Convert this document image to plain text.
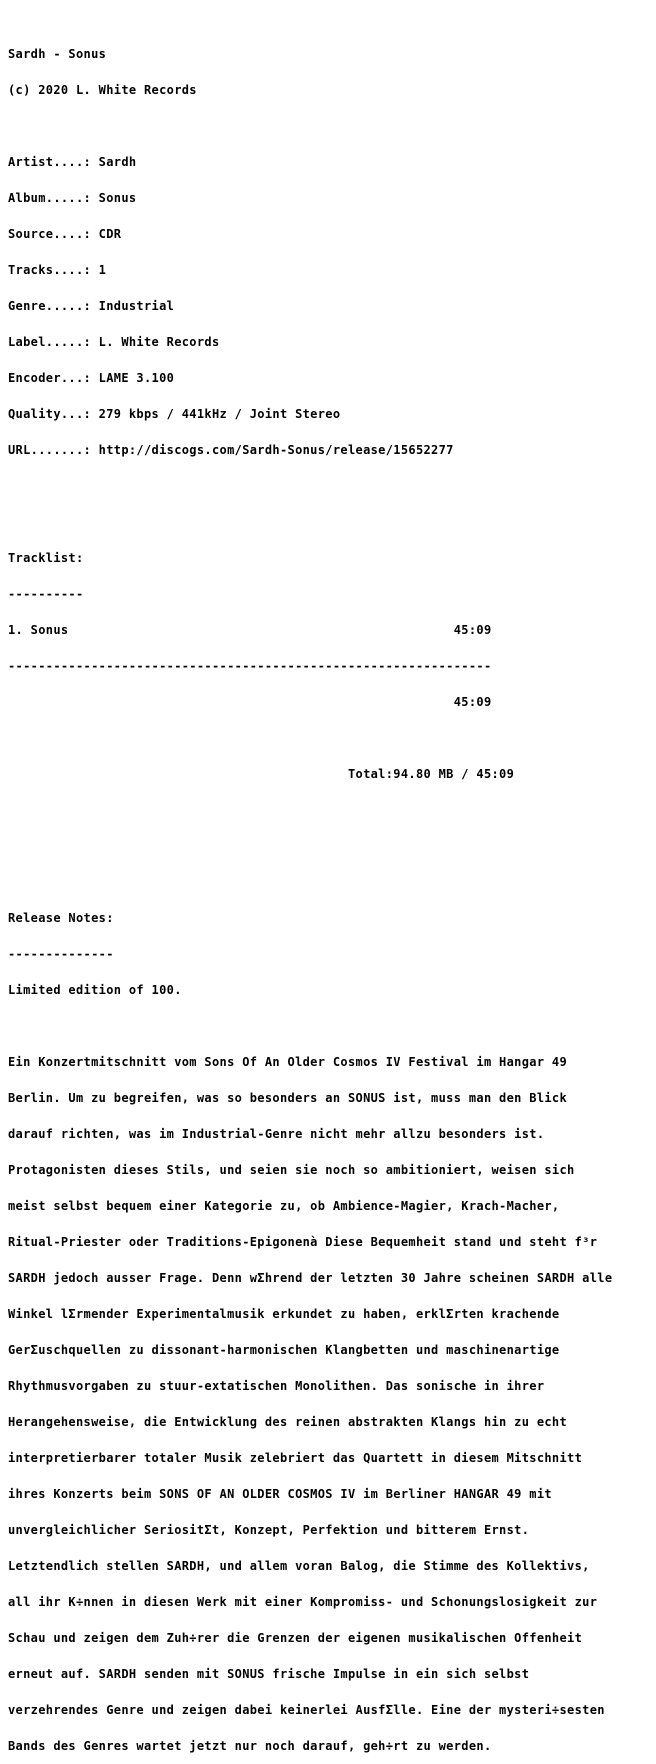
Sardh - Sonus

(c) 2020 L. White Records

Artist....: Sardh

Album.....: Sonus

Source....: CDR

Tracks....: 1

Genre.....: Industrial

Label.....: L. White Records

Encoder...: LAME 3.100

Quality...: 279 kbps / 441kHz / Joint Stereo

URL.......: http://discogs.com/Sardh-Sonus/release/15652277

Tracklist:

----------

1. Sonus                                                   45:09

----------------------------------------------------------------

45:09

Total:94.80 MB / 45:09

Release Notes:

--------------

Limited edition of 100.

Ein Konzertmitschnitt vom Sons Of An Older Cosmos IV Festival im Hangar 49

Berlin. Um zu begreifen, was so besonders an SONUS ist, muss man den Blick

darauf richten, was im Industrial-Genre nicht mehr allzu besonders ist.

Protagonisten dieses Stils, und seien sie noch so ambitioniert, weisen sich

meist selbst bequem einer Kategorie zu, ob Ambience-Magier, Krach-Macher,

Ritual-Priester oder Traditions-Epigonenà Diese Bequemheit stand und steht f³r

SARDH jedoch ausser Frage. Denn wΣhrend der letzten 30 Jahre scheinen SARDH alle

Winkel lΣrmender Experimentalmusik erkundet zu haben, erklΣrten krachende

GerΣuschquellen zu dissonant-harmonischen Klangbetten und maschinenartige

Rhythmusvorgaben zu stuur-extatischen Monolithen. Das sonische in ihrer

Herangehensweise, die Entwicklung des reinen abstrakten Klangs hin zu echt

interpretierbarer totaler Musik zelebriert das Quartett in diesem Mitschnitt

ihres Konzerts beim SONS OF AN OLDER COSMOS IV im Berliner HANGAR 49 mit

unvergleichlicher SeriositΣt, Konzept, Perfektion und bitterem Ernst.

Letztendlich stellen SARDH, und allem voran Balog, die Stimme des Kollektivs,

all ihr K÷nnen in diesen Werk mit einer Kompromiss- und Schonungslosigkeit zur

Schau und zeigen dem Zuh÷rer die Grenzen der eigenen musikalischen Offenheit

erneut auf. SARDH senden mit SONUS frische Impulse in ein sich selbst

verzehrendes Genre und zeigen dabei keinerlei AusfΣlle. Eine der mysteri÷sesten

Bands des Genres wartet jetzt nur noch darauf, geh÷rt zu werden.
